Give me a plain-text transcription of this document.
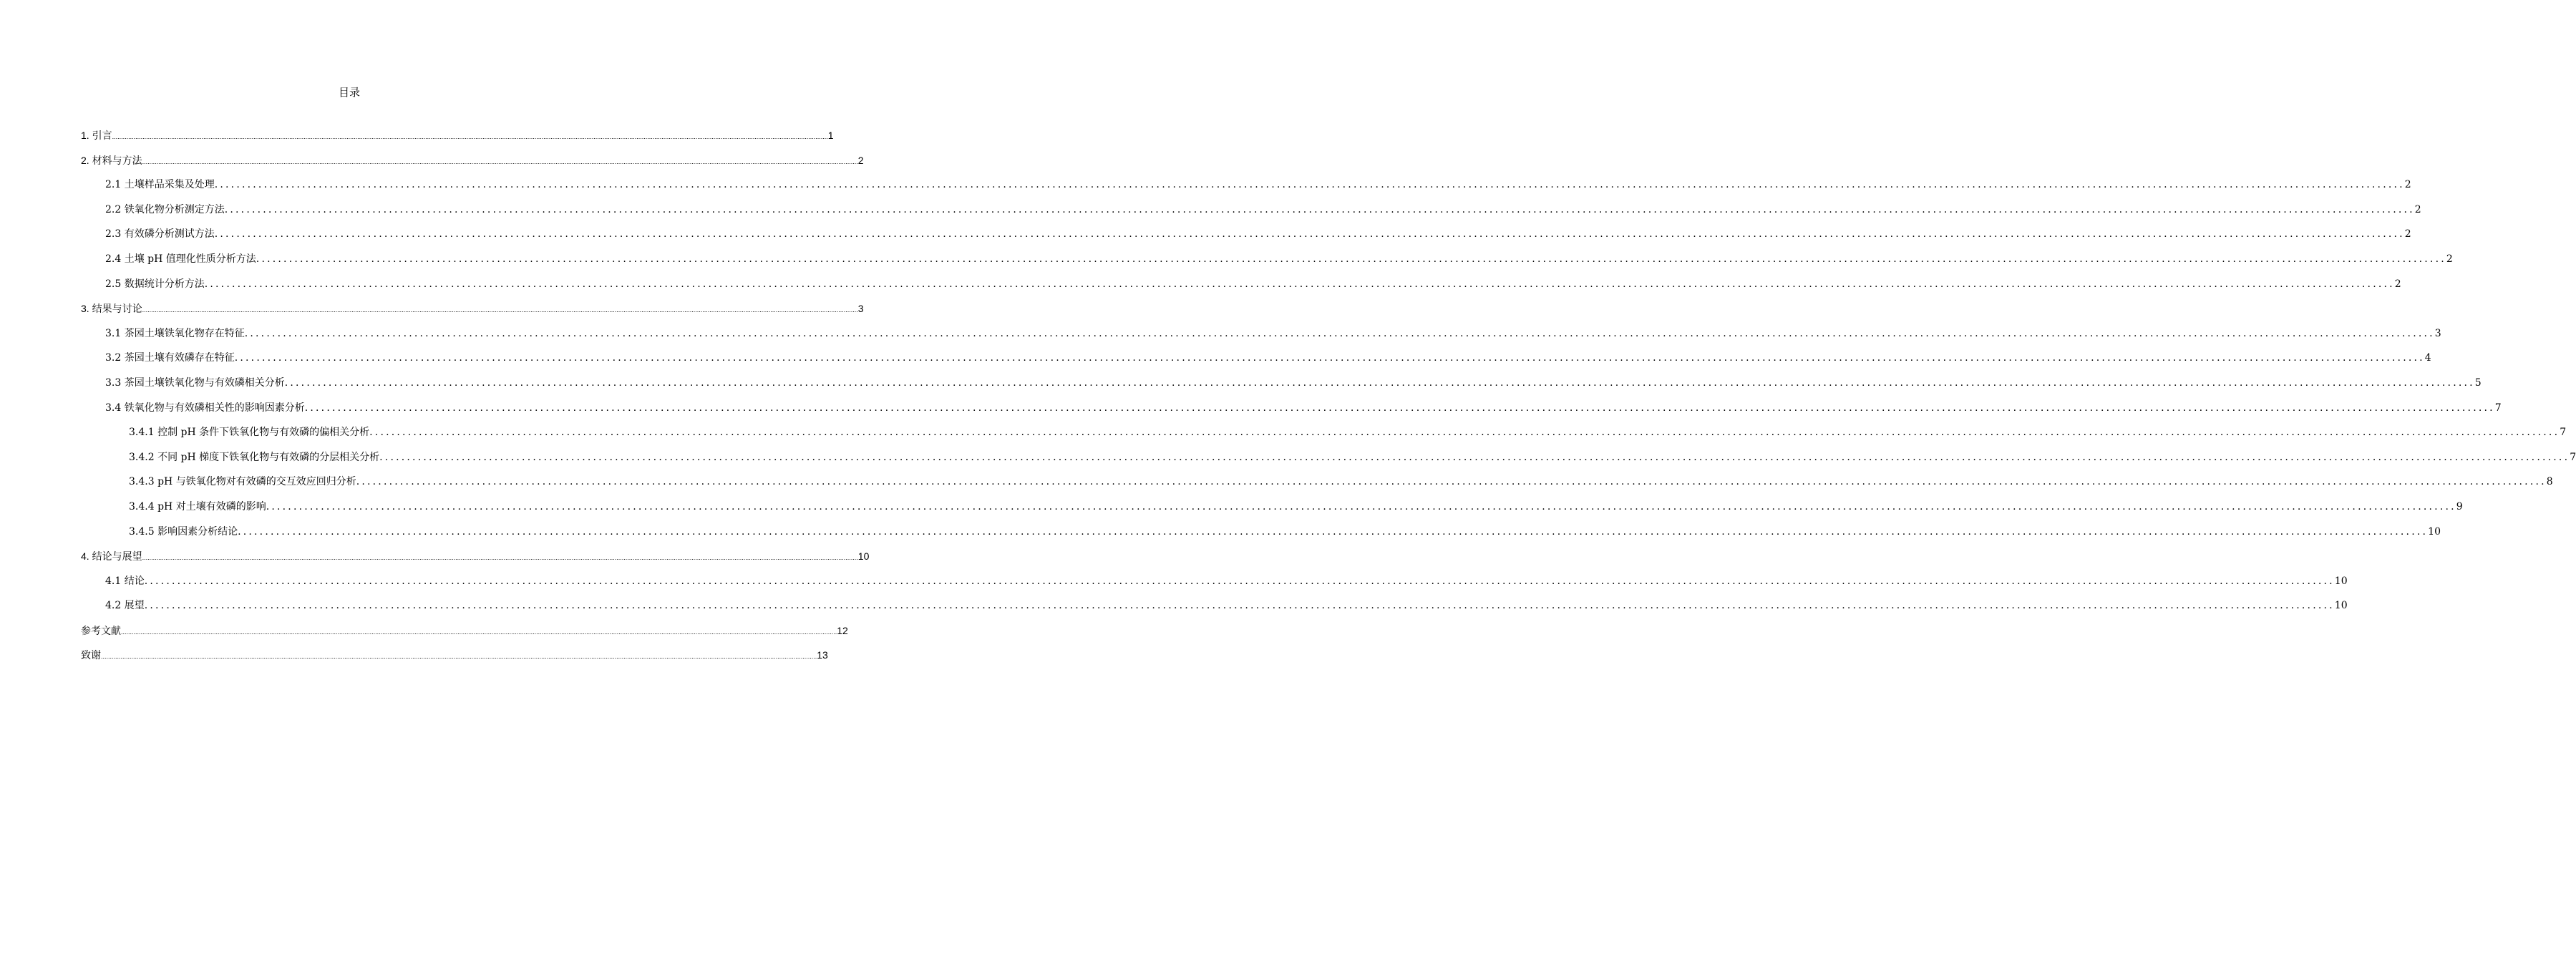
目录
1. 引言 ................................................................................................................................................................................................................................................................................................................................................................................................................ 1
2. 材料与方法 ................................................................................................................................................................................................................................................................................................................................................................................................................ 2
2.1 土壤样品采集及处理 ................................................................................................................................................................................................................................................................................................................................................................................................................ 2
2.2 铁氧化物分析测定方法 ................................................................................................................................................................................................................................................................................................................................................................................................................ 2
2.3 有效磷分析测试方法 ................................................................................................................................................................................................................................................................................................................................................................................................................ 2
2.4 土壤 pH 值理化性质分析方法 ................................................................................................................................................................................................................................................................................................................................................................................................................ 2
2.5 数据统计分析方法 ................................................................................................................................................................................................................................................................................................................................................................................................................ 2
3. 结果与讨论 ................................................................................................................................................................................................................................................................................................................................................................................................................ 3
3.1 茶园土壤铁氧化物存在特征 ................................................................................................................................................................................................................................................................................................................................................................................................................ 3
3.2 茶园土壤有效磷存在特征 ................................................................................................................................................................................................................................................................................................................................................................................................................ 4
3.3 茶园土壤铁氧化物与有效磷相关分析 ................................................................................................................................................................................................................................................................................................................................................................................................................ 5
3.4 铁氧化物与有效磷相关性的影响因素分析 ................................................................................................................................................................................................................................................................................................................................................................................................................ 7
3.4.1 控制 pH 条件下铁氧化物与有效磷的偏相关分析 ................................................................................................................................................................................................................................................................................................................................................................................................................ 7
3.4.2 不同 pH 梯度下铁氧化物与有效磷的分层相关分析 ................................................................................................................................................................................................................................................................................................................................................................................................................ 7
3.4.3 pH 与铁氧化物对有效磷的交互效应回归分析 ................................................................................................................................................................................................................................................................................................................................................................................................................ 8
3.4.4 pH 对土壤有效磷的影响 ................................................................................................................................................................................................................................................................................................................................................................................................................ 9
3.4.5 影响因素分析结论 ................................................................................................................................................................................................................................................................................................................................................................................................................ 10
4. 结论与展望 ................................................................................................................................................................................................................................................................................................................................................................................................................ 10
4.1 结论 ................................................................................................................................................................................................................................................................................................................................................................................................................ 10
4.2 展望 ................................................................................................................................................................................................................................................................................................................................................................................................................ 10
参考文献 ................................................................................................................................................................................................................................................................................................................................................................................................................ 12
致谢 ................................................................................................................................................................................................................................................................................................................................................................................................................ 13
